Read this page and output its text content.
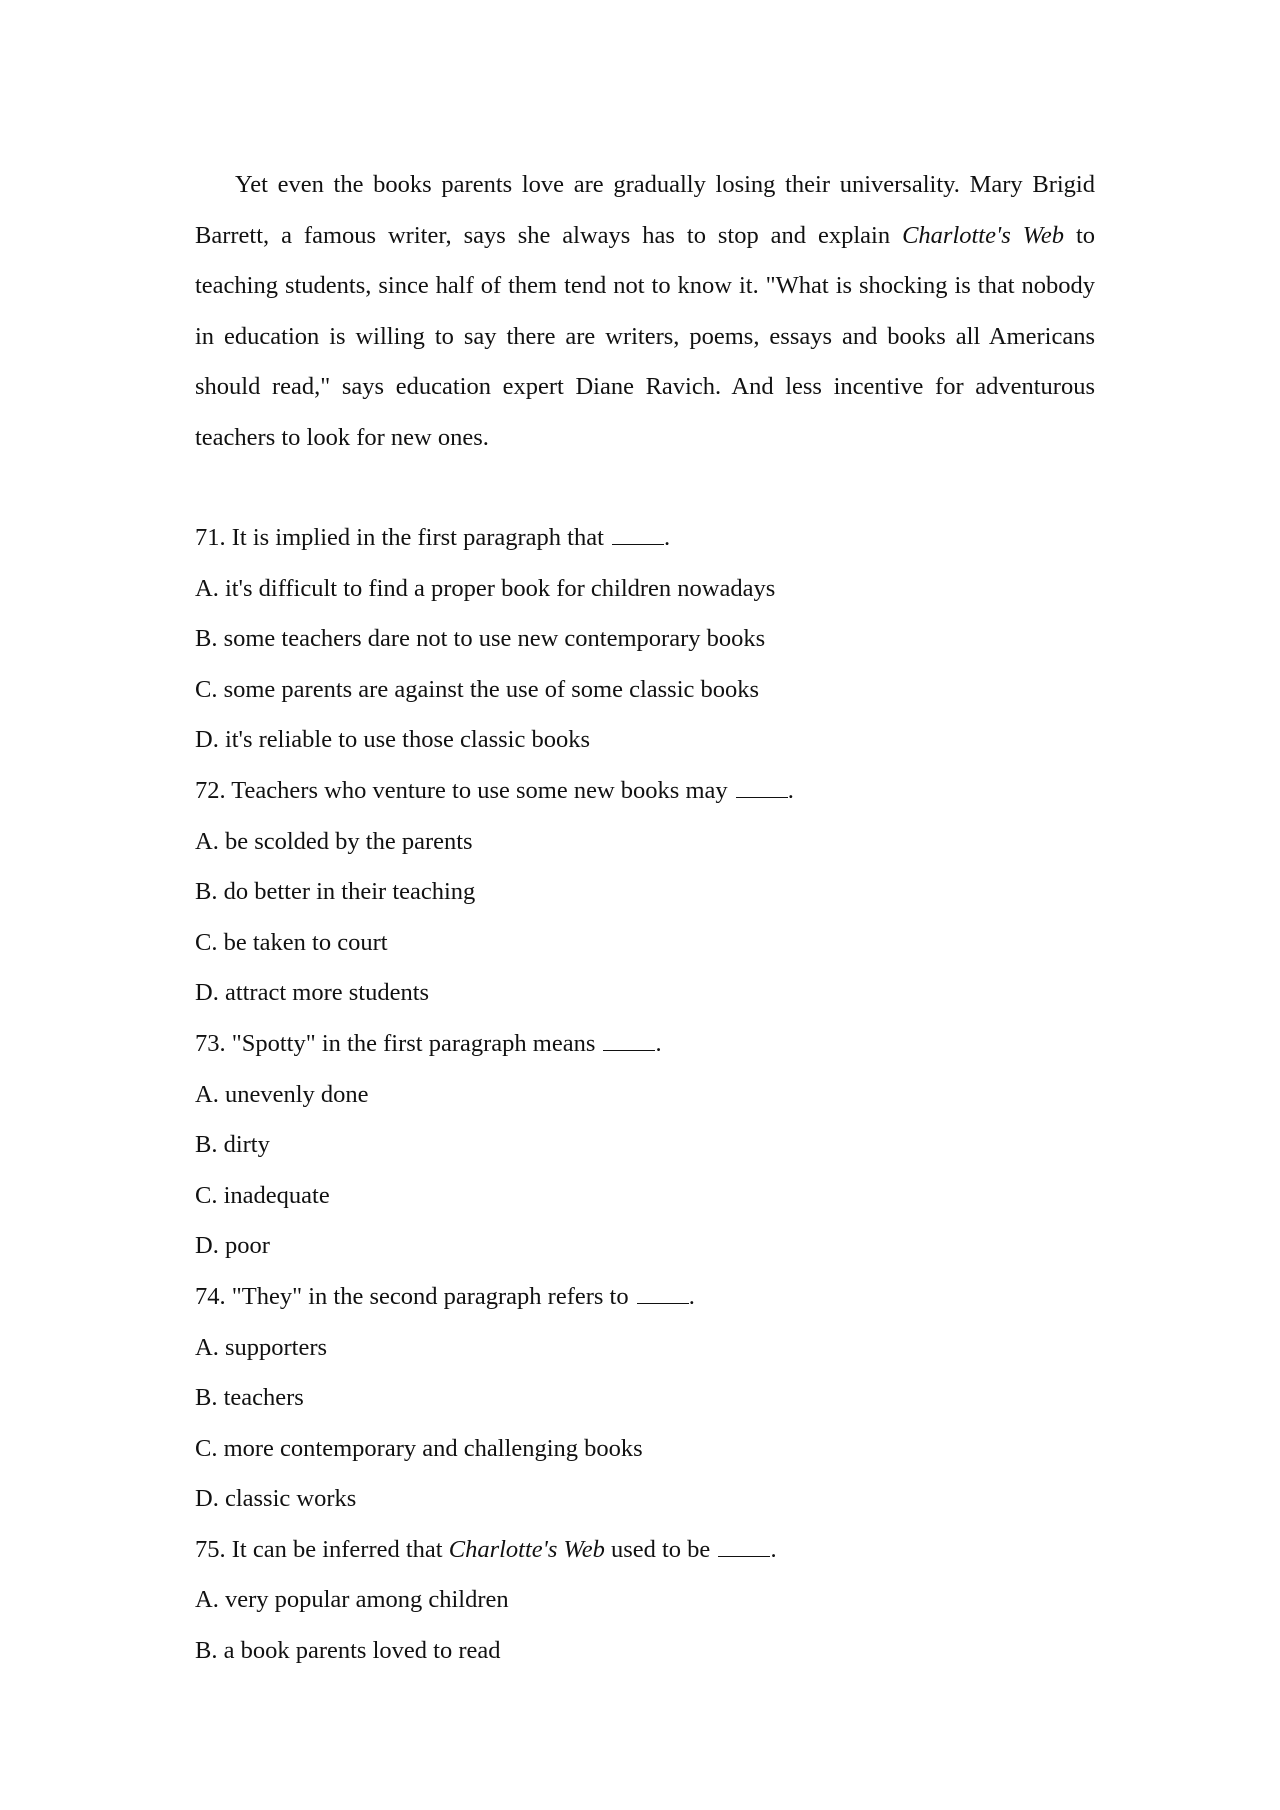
Yet even the books parents love are gradually losing their universality. Mary Brigid Barrett, a famous writer, says she always has to stop and explain Charlotte's Web to teaching students, since half of them tend not to know it. "What is shocking is that nobody in education is willing to say there are writers, poems, essays and books all Americans should read," says education expert Diane Ravich. And less incentive for adventurous teachers to look for new ones.

71. It is implied in the first paragraph that .
A. it's difficult to find a proper book for children nowadays
B. some teachers dare not to use new contemporary books
C. some parents are against the use of some classic books
D. it's reliable to use those classic books
72. Teachers who venture to use some new books may .
A. be scolded by the parents
B. do better in their teaching
C. be taken to court
D. attract more students
73. "Spotty" in the first paragraph means .
A. unevenly done
B. dirty
C. inadequate
D. poor
74. "They" in the second paragraph refers to .
A. supporters
B. teachers
C. more contemporary and challenging books
D. classic works
75. It can be inferred that Charlotte's Web used to be .
A. very popular among children
B. a book parents loved to read
